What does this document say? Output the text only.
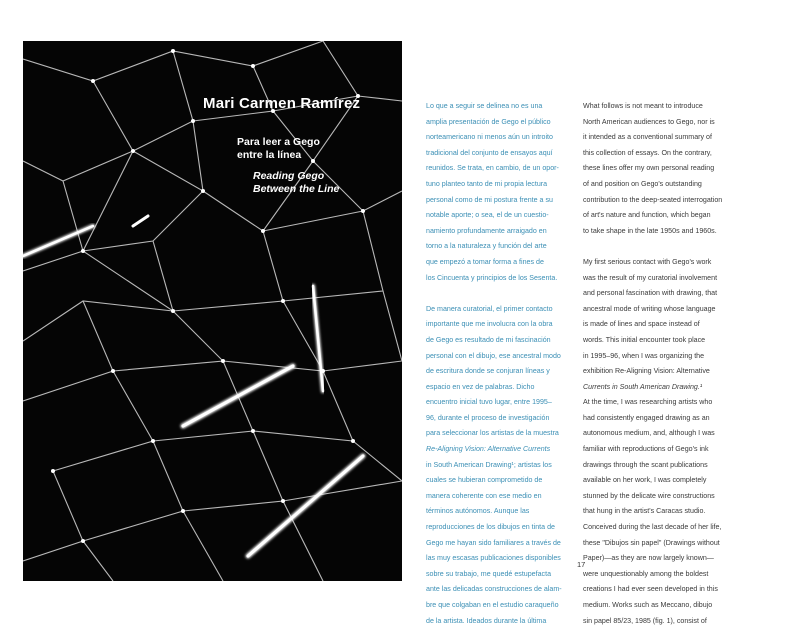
Mari Carmen Ramírez
Para leer a Gego
entre la línea
Reading Gego
Between the Line

Lo que a seguir se delinea no es una

amplia presentación de Gego el público

norteamericano ni menos aún un introito

tradicional del conjunto de ensayos aquí

reunidos. Se trata, en cambio, de un opor-

tuno planteo tanto de mi propia lectura

personal como de mi postura frente a su

notable aporte; o sea, el de un cuestio-

namiento profundamente arraigado en

torno a la naturaleza y función del arte

que empezó a tomar forma a fines de

los Cincuenta y principios de los Sesenta.

De manera curatorial, el primer contacto

importante que me involucra con la obra

de Gego es resultado de mi fascinación

personal con el dibujo, ese ancestral modo

de escritura donde se conjuran líneas y

espacio en vez de palabras. Dicho

encuentro inicial tuvo lugar, entre 1995–

96, durante el proceso de investigación

para seleccionar los artistas de la muestra

Re-Aligning Vision: Alternative Currents

in South American Drawing¹; artistas los

cuales se hubieran comprometido de

manera coherente con ese medio en

términos autónomos. Aunque las

reproducciones de los dibujos en tinta de

Gego me hayan sido familiares a través de

las muy escasas publicaciones disponibles

sobre su trabajo, me quedé estupefacta

ante las delicadas construcciones de alam-

bre que colgaban en el estudio caraqueño

de la artista. Ideados durante la última

What follows is not meant to introduce

North American audiences to Gego, nor is

it intended as a conventional summary of

this collection of essays. On the contrary,

these lines offer my own personal reading

of and position on Gego's outstanding

contribution to the deep-seated interrogation

of art's nature and function, which began

to take shape in the late 1950s and 1960s.

My first serious contact with Gego's work

was the result of my curatorial involvement

and personal fascination with drawing, that

ancestral mode of writing whose language

is made of lines and space instead of

words. This initial encounter took place

in 1995–96, when I was organizing the

exhibition Re-Aligning Vision: Alternative

Currents in South American Drawing.¹

At the time, I was researching artists who

had consistently engaged drawing as an

autonomous medium, and, although I was

familiar with reproductions of Gego's ink

drawings through the scant publications

available on her work, I was completely

stunned by the delicate wire constructions

that hung in the artist's Caracas studio.

Conceived during the last decade of her life,

these "Dibujos sin papel" (Drawings without

Paper)—as they are now largely known—

were unquestionably among the boldest

creations I had ever seen developed in this

medium. Works such as Meccano, dibujo

sin papel 85/23, 1985 (fig. 1), consist of

17
